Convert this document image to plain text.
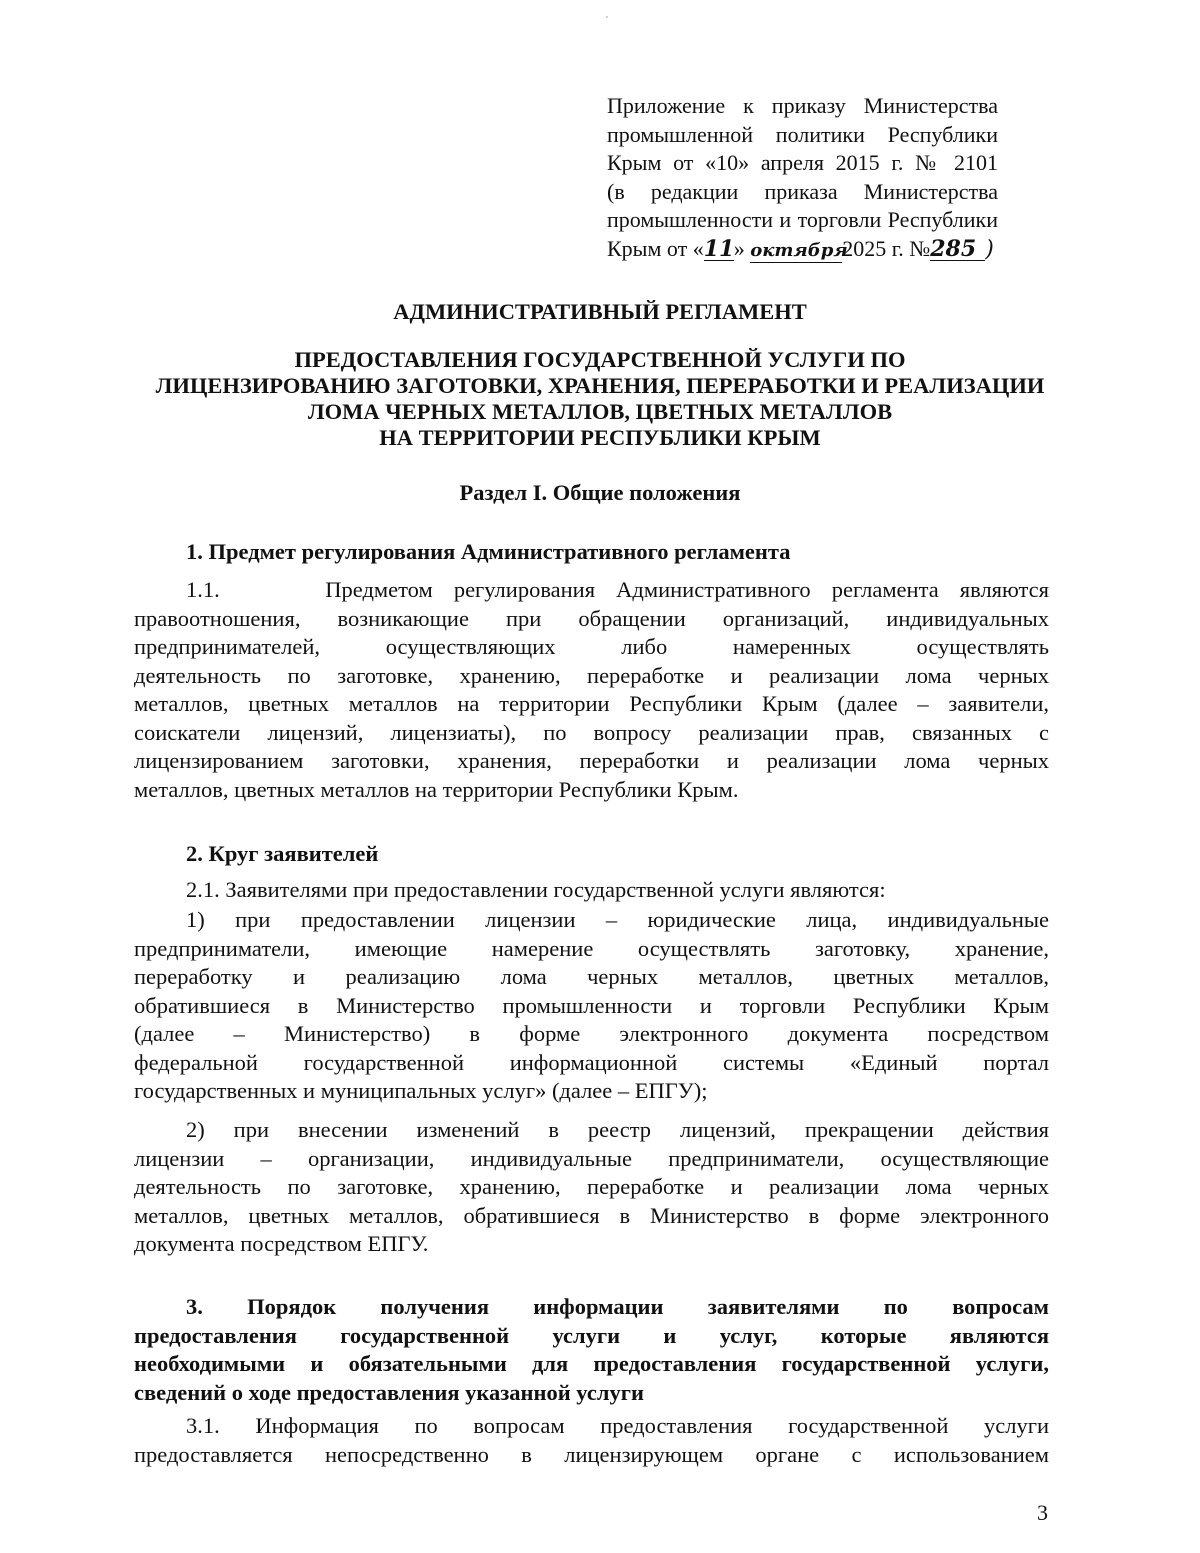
Приложение к приказу Министерства
промышленной политики Республики
Крым от «10» апреля 2015 г. № 2101
(в редакции приказа Министерства
промышленности и торговли Республики
Крым от «11» октября2025 г. №285 )
АДМИНИСТРАТИВНЫЙ РЕГЛАМЕНТ
ПРЕДОСТАВЛЕНИЯ ГОСУДАРСТВЕННОЙ УСЛУГИ ПО
ЛИЦЕНЗИРОВАНИЮ ЗАГОТОВКИ, ХРАНЕНИЯ, ПЕРЕРАБОТКИ И РЕАЛИЗАЦИИ
ЛОМА ЧЕРНЫХ МЕТАЛЛОВ, ЦВЕТНЫХ МЕТАЛЛОВ
НА ТЕРРИТОРИИ РЕСПУБЛИКИ КРЫМ
Раздел I. Общие положения
1. Предмет регулирования Административного регламента
1.1.     Предметом регулирования Административного регламента являются
правоотношения, возникающие при обращении организаций, индивидуальных
предпринимателей, осуществляющих либо намеренных осуществлять
деятельность по заготовке, хранению, переработке и реализации лома черных
металлов, цветных металлов на территории Республики Крым (далее – заявители,
соискатели лицензий, лицензиаты), по вопросу реализации прав, связанных с
лицензированием заготовки, хранения, переработки и реализации лома черных
металлов, цветных металлов на территории Республики Крым.
2. Круг заявителей
2.1. Заявителями при предоставлении государственной услуги являются:
1) при предоставлении лицензии – юридические лица, индивидуальные
предприниматели, имеющие намерение осуществлять заготовку, хранение,
переработку и реализацию лома черных металлов, цветных металлов,
обратившиеся в Министерство промышленности и торговли Республики Крым
(далее – Министерство) в форме электронного документа посредством
федеральной государственной информационной системы «Единый портал
государственных и муниципальных услуг» (далее – ЕПГУ);
2) при внесении изменений в реестр лицензий, прекращении действия
лицензии – организации, индивидуальные предприниматели, осуществляющие
деятельность по заготовке, хранению, переработке и реализации лома черных
металлов, цветных металлов, обратившиеся в Министерство в форме электронного
документа посредством ЕПГУ.
3. Порядок получения информации заявителями по вопросам
предоставления государственной услуги и услуг, которые являются
необходимыми и обязательными для предоставления государственной услуги,
сведений о ходе предоставления указанной услуги
3.1. Информация по вопросам предоставления государственной услуги
предоставляется непосредственно в лицензирующем органе с использованием
3
